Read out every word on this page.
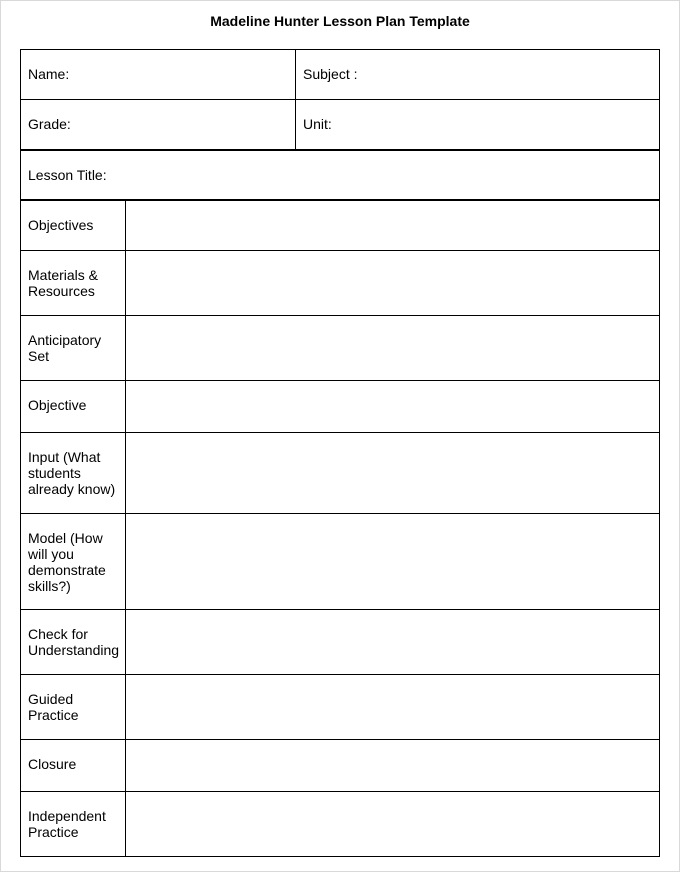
Madeline Hunter Lesson Plan Template
Name:		Subject :
Grade:		Unit:
Lesson Title:		
Objectives		
Materials & Resources		
Anticipatory Set		
Objective		
Input (What students already know)		
Model (How will you demonstrate skills?)		
Check for Understanding		
Guided Practice		
Closure		
Independent Practice		
